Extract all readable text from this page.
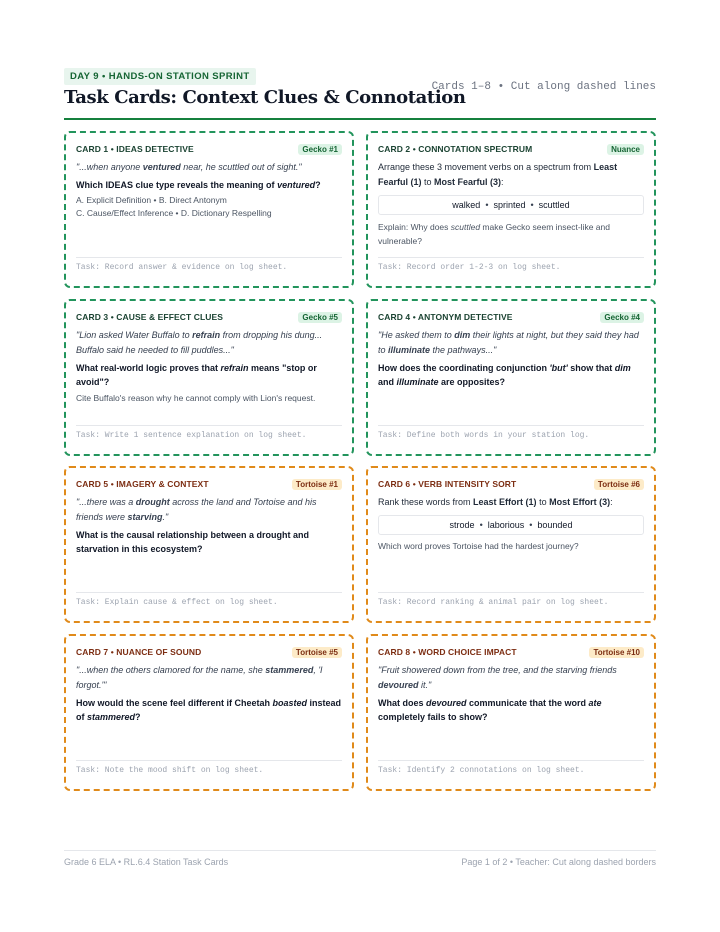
DAY 9 • HANDS-ON STATION SPRINT
Task Cards: Context Clues & Connotation
Cards 1–8 • Cut along dashed lines
CARD 1 • IDEAS DETECTIVE	Gecko #1
"...when anyone ventured near, he scuttled out of sight."
Which IDEAS clue type reveals the meaning of ventured?
A. Explicit Definition • B. Direct Antonym
C. Cause/Effect Inference • D. Dictionary Respelling
Task: Record answer & evidence on log sheet.
CARD 2 • CONNOTATION SPECTRUM	Nuance
Arrange these 3 movement verbs on a spectrum from Least Fearful (1) to Most Fearful (3):
walked • sprinted • scuttled
Explain: Why does scuttled make Gecko seem insect-like and vulnerable?
Task: Record order 1-2-3 on log sheet.
CARD 3 • CAUSE & EFFECT CLUES	Gecko #5
"Lion asked Water Buffalo to refrain from dropping his dung... Buffalo said he needed to fill puddles..."
What real-world logic proves that refrain means "stop or avoid"?
Cite Buffalo's reason why he cannot comply with Lion's request.
Task: Write 1 sentence explanation on log sheet.
CARD 4 • ANTONYM DETECTIVE	Gecko #4
"He asked them to dim their lights at night, but they said they had to illuminate the pathways..."
How does the coordinating conjunction 'but' show that dim and illuminate are opposites?
Task: Define both words in your station log.
CARD 5 • IMAGERY & CONTEXT	Tortoise #1
"...there was a drought across the land and Tortoise and his friends were starving."
What is the causal relationship between a drought and starvation in this ecosystem?
Task: Explain cause & effect on log sheet.
CARD 6 • VERB INTENSITY SORT	Tortoise #6
Rank these words from Least Effort (1) to Most Effort (3):
strode • laborious • bounded
Which word proves Tortoise had the hardest journey?
Task: Record ranking & animal pair on log sheet.
CARD 7 • NUANCE OF SOUND	Tortoise #5
"...when the others clamored for the name, she stammered, 'I forgot.'"
How would the scene feel different if Cheetah boasted instead of stammered?
Task: Note the mood shift on log sheet.
CARD 8 • WORD CHOICE IMPACT	Tortoise #10
"Fruit showered down from the tree, and the starving friends devoured it."
What does devoured communicate that the word ate completely fails to show?
Task: Identify 2 connotations on log sheet.
Grade 6 ELA • RL.6.4 Station Task Cards	Page 1 of 2 • Teacher: Cut along dashed borders
